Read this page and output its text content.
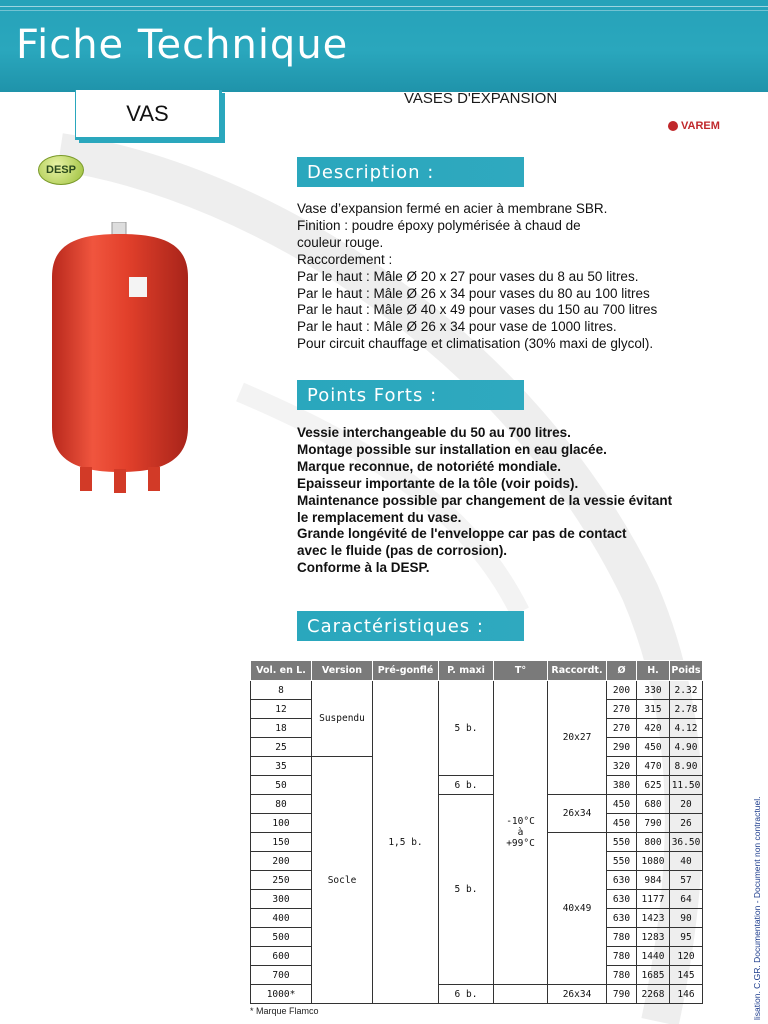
Fiche Technique
VAS
VASES D'EXPANSION
VAREM
DESP	Description :
Vase d’expansion fermé en acier à membrane SBR.
Finition : poudre époxy polymérisée à chaud de
couleur rouge.
Raccordement :
Par le haut : Mâle Ø 20 x 27 pour vases du 8 au 50 litres.
Par le haut : Mâle Ø 26 x 34 pour vases du 80 au 100 litres
Par le haut : Mâle Ø 40 x 49 pour vases du 150 au 700 litres
Par le haut : Mâle Ø 26 x 34 pour vase de 1000 litres.
Pour circuit chauffage et climatisation (30% maxi de glycol).
Points Forts :
Vessie interchangeable du 50 au 700 litres.
Montage possible sur installation en eau glacée.
Marque reconnue, de notoriété mondiale.
Epaisseur importante de la tôle (voir poids).
Maintenance possible par changement de la vessie évitant
le remplacement du vase.
Grande longévité de l'enveloppe car pas de contact
avec le fluide (pas de corrosion).
Conforme à la DESP.
Caractéristiques :
Vol. en L.	Version	Pré-gonflé	P. maxi	T°	Raccordt.	Ø	H.	Poids
8	Suspendu	1,5 b.	5 b.	-10°C
à
+99°C	20x27	200	330	2.32
12						270	315	2.78
18						270	420	4.12
25						290	450	4.90
35	Socle					320	470	8.90
50			6 b.			380	625	11.50
80			5 b.		26x34	450	680	20
100						450	790	26
150					40x49	550	800	36.50
200						550	1080	40
250						630	984	57
300						630	1177	64
400						630	1423	90
500						780	1283	95
600						780	1440	120
700						780	1685	145
1000*			6 b.		26x34	790	2268	146
* Marque Flamco	lisation. C.GR. Documentation - Document non contractuel.
